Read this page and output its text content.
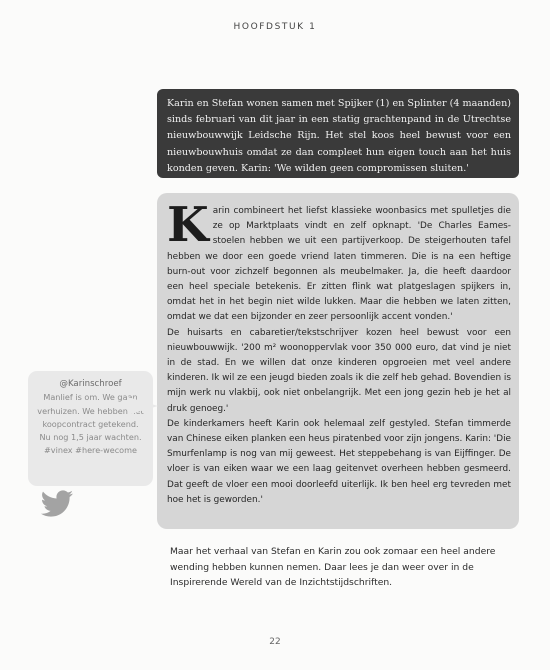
HOOFDSTUK 1
Karin en Stefan wonen samen met Spijker (1) en Splinter (4 maanden) sinds februari van dit jaar in een statig grachtenpand in de Utrechtse nieuwbouwwijk Leidsche Rijn. Het stel koos heel bewust voor een nieuwbouwhuis omdat ze dan compleet hun eigen touch aan het huis konden geven. Karin: 'We wilden geen compromissen sluiten.'

Karin combineert het liefst klassieke woonbasics met spulletjes die ze op Marktplaats vindt en zelf opknapt. 'De Charles Eames-stoelen hebben we uit een partijverkoop. De steigerhouten tafel hebben we door een goede vriend laten timmeren. Die is na een heftige burn-out voor zichzelf begonnen als meubelmaker. Ja, die heeft daardoor een heel speciale betekenis. Er zitten flink wat platgeslagen spijkers in, omdat het in het begin niet wilde lukken. Maar die hebben we laten zitten, omdat we dat een bijzonder en zeer persoonlijk accent vonden.'

De huisarts en cabaretier/tekstschrijver kozen heel bewust voor een nieuwbouwwijk. '200 m² woonoppervlak voor 350 000 euro, dat vind je niet in de stad. En we willen dat onze kinderen opgroeien met veel andere kinderen. Ik wil ze een jeugd bieden zoals ik die zelf heb gehad. Bovendien is mijn werk nu vlakbij, ook niet onbelangrijk. Met een jong gezin heb je het al druk genoeg.'

De kinderkamers heeft Karin ook helemaal zelf gestyled. Stefan timmerde van Chinese eiken planken een heus piratenbed voor zijn jongens. Karin: 'Die Smurfenlamp is nog van mij geweest. Het steppebehang is van Eijffinger. De vloer is van eiken waar we een laag geitenvet overheen hebben gesmeerd. Dat geeft de vloer een mooi doorleefd uiterlijk. Ik ben heel erg tevreden met hoe het is geworden.'

@Karinschroef
Manlief is om. We gaan verhuizen. We hebben het koopcontract getekend. Nu nog 1,5 jaar wachten. #vinex #here-wecome
Maar het verhaal van Stefan en Karin zou ook zomaar een heel andere wending hebben kunnen nemen. Daar lees je dan weer over in de Inspirerende Wereld van de Inzichtstijdschriften.
22
